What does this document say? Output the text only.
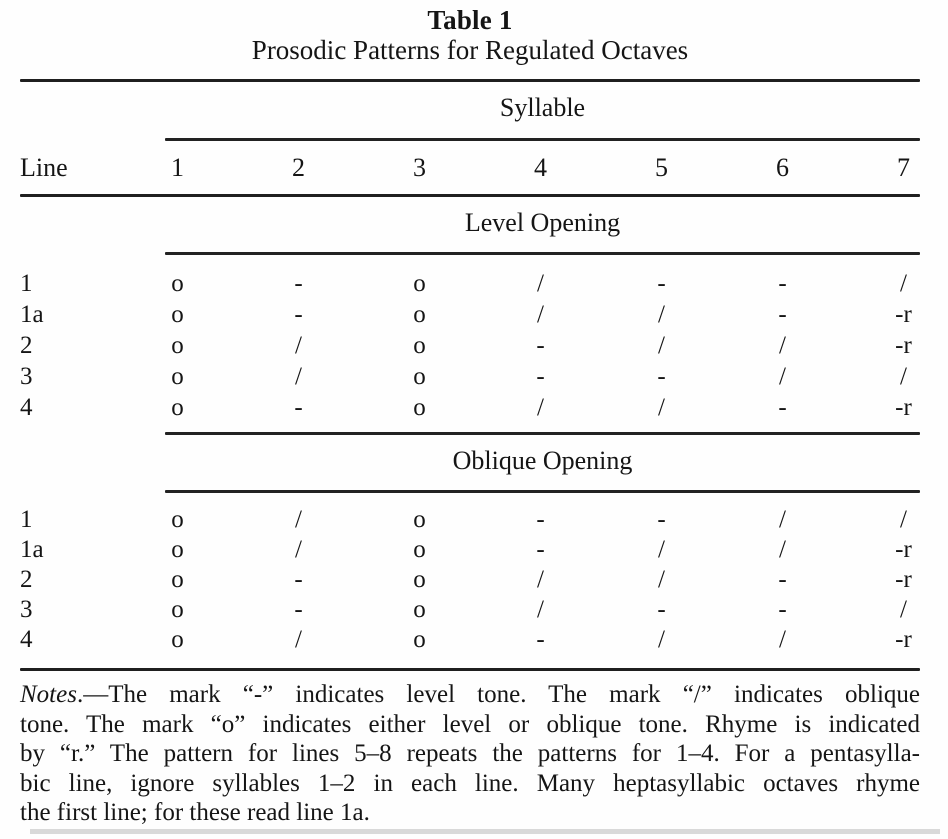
Table 1
Prosodic Patterns for Regulated Octaves
Syllable
Line	1	2	3	4	5	6	7
Level Opening
1	o	-	o	/	-	-	/
1a	o	-	o	/	/	-	-r
2	o	/	o	-	/	/	-r
3	o	/	o	-	-	/	/
4	o	-	o	/	/	-	-r
Oblique Opening
1	o	/	o	-	-	/	/
1a	o	/	o	-	/	/	-r
2	o	-	o	/	/	-	-r
3	o	-	o	/	-	-	/
4	o	/	o	-	/	/	-r
Notes.—The mark “-” indicates level tone. The mark “/” indicates oblique
tone. The mark “o” indicates either level or oblique tone. Rhyme is indicated
by “r.” The pattern for lines 5–8 repeats the patterns for 1–4. For a pentasylla-
bic line, ignore syllables 1–2 in each line. Many heptasyllabic octaves rhyme
the first line; for these read line 1a.
